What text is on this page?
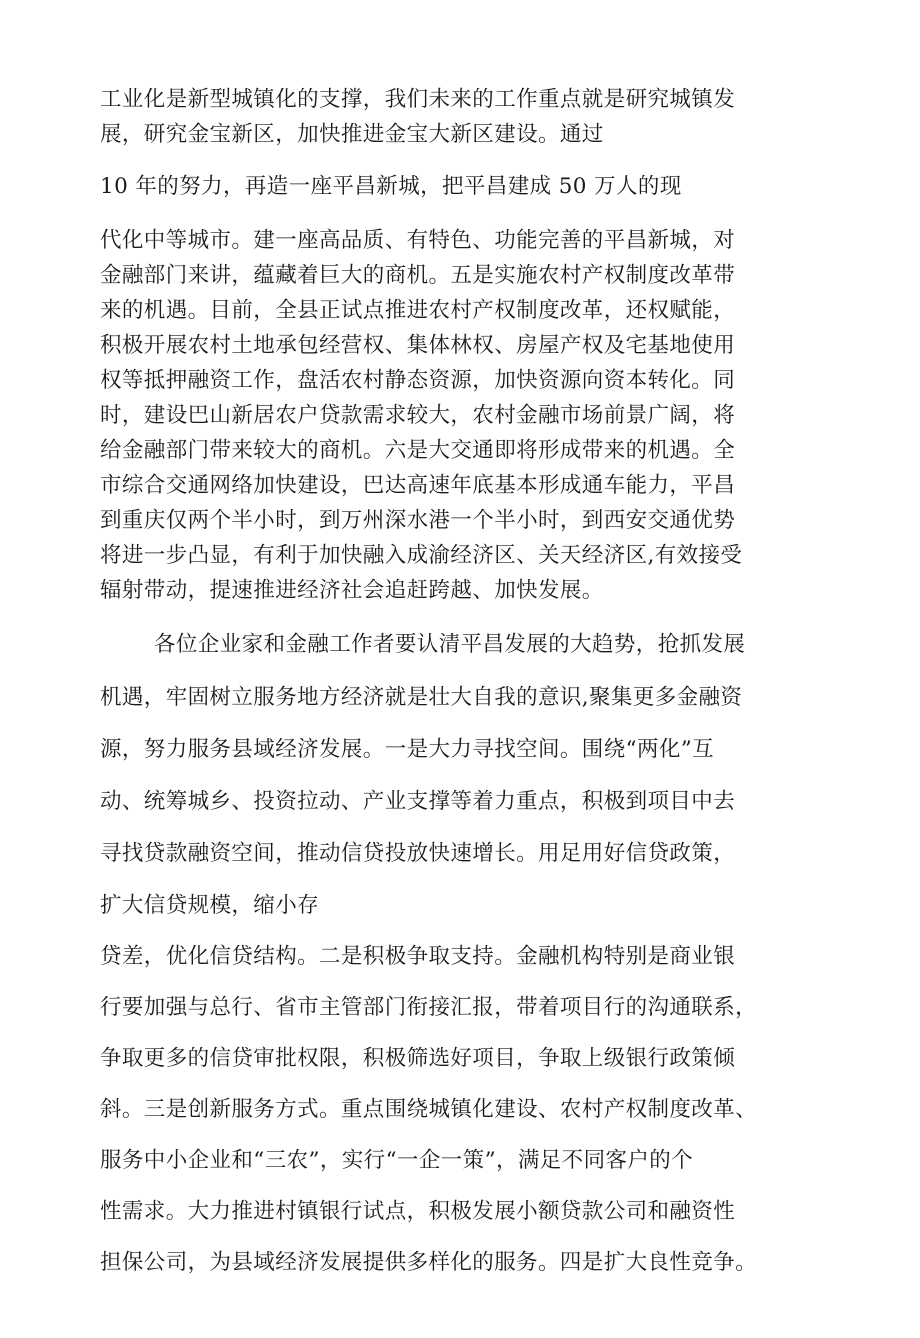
工业化是新型城镇化的支撑，我们未来的工作重点就是研究城镇发
展，研究金宝新区，加快推进金宝大新区建设。通过
10 年的努力，再造一座平昌新城，把平昌建成 50 万人的现
代化中等城市。建一座高品质、有特色、功能完善的平昌新城，对
金融部门来讲，蕴藏着巨大的商机。五是实施农村产权制度改革带
来的机遇。目前，全县正试点推进农村产权制度改革，还权赋能，
积极开展农村土地承包经营权、集体林权、房屋产权及宅基地使用
权等抵押融资工作，盘活农村静态资源，加快资源向资本转化。同
时，建设巴山新居农户贷款需求较大，农村金融市场前景广阔，将
给金融部门带来较大的商机。六是大交通即将形成带来的机遇。全
市综合交通网络加快建设，巴达高速年底基本形成通车能力，平昌
到重庆仅两个半小时，到万州深水港一个半小时，到西安交通优势
将进一步凸显，有利于加快融入成渝经济区、关天经济区,有效接受
辐射带动，提速推进经济社会追赶跨越、加快发展。
各位企业家和金融工作者要认清平昌发展的大趋势，抢抓发展
机遇，牢固树立服务地方经济就是壮大自我的意识,聚集更多金融资
源，努力服务县域经济发展。一是大力寻找空间。围绕“两化”互
动、统筹城乡、投资拉动、产业支撑等着力重点，积极到项目中去
寻找贷款融资空间，推动信贷投放快速增长。用足用好信贷政策，
扩大信贷规模，缩小存
贷差，优化信贷结构。二是积极争取支持。金融机构特别是商业银
行要加强与总行、省市主管部门衔接汇报，带着项目行的沟通联系，
争取更多的信贷审批权限，积极筛选好项目，争取上级银行政策倾
斜。三是创新服务方式。重点围绕城镇化建设、农村产权制度改革、
服务中小企业和“三农”，实行“一企一策”，满足不同客户的个
性需求。大力推进村镇银行试点，积极发展小额贷款公司和融资性
担保公司，为县域经济发展提供多样化的服务。四是扩大良性竞争。
